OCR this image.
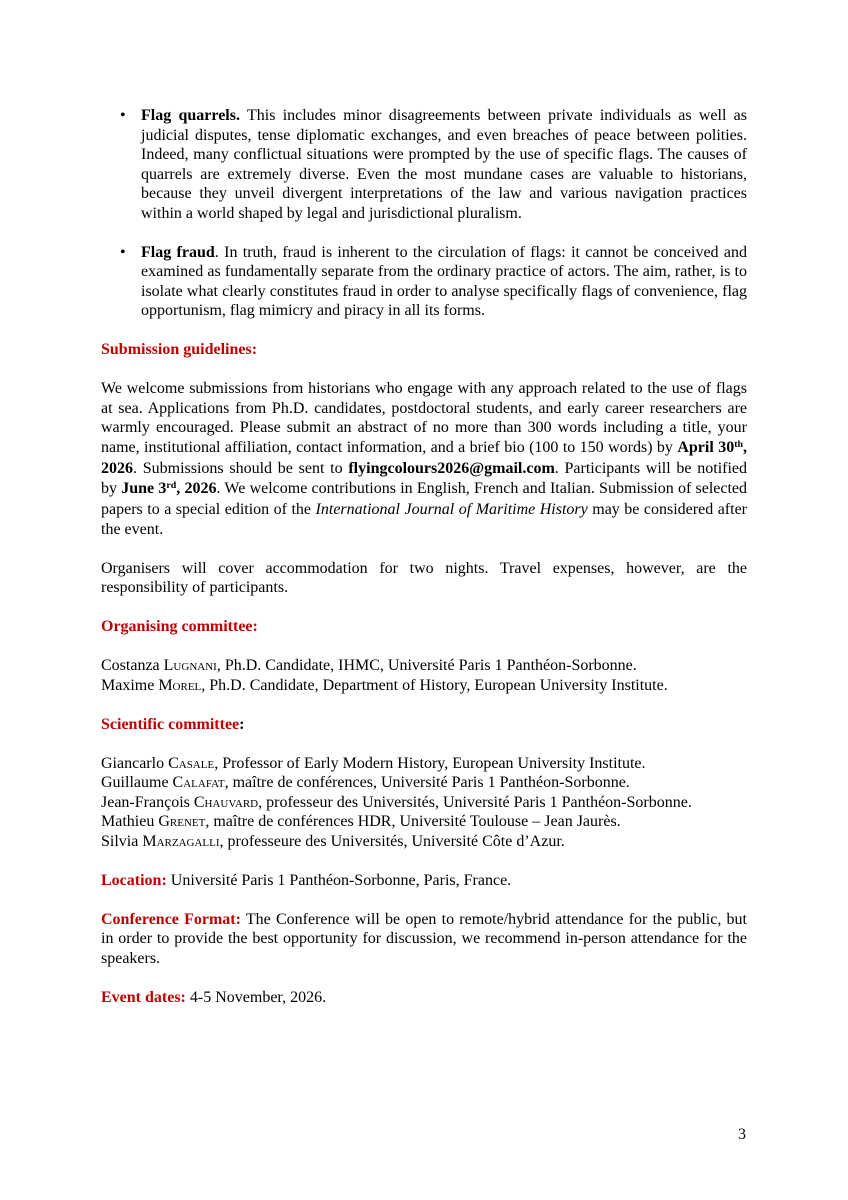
• Flag quarrels. This includes minor disagreements between private individuals as well as judicial disputes, tense diplomatic exchanges, and even breaches of peace between polities. Indeed, many conflictual situations were prompted by the use of specific flags. The causes of quarrels are extremely diverse. Even the most mundane cases are valuable to historians, because they unveil divergent interpretations of the law and various navigation practices within a world shaped by legal and jurisdictional pluralism.
• Flag fraud. In truth, fraud is inherent to the circulation of flags: it cannot be conceived and examined as fundamentally separate from the ordinary practice of actors. The aim, rather, is to isolate what clearly constitutes fraud in order to analyse specifically flags of convenience, flag opportunism, flag mimicry and piracy in all its forms.
Submission guidelines:

We welcome submissions from historians who engage with any approach related to the use of flags at sea. Applications from Ph.D. candidates, postdoctoral students, and early career researchers are warmly encouraged. Please submit an abstract of no more than 300 words including a title, your name, institutional affiliation, contact information, and a brief bio (100 to 150 words) by April 30th, 2026. Submissions should be sent to flyingcolours2026@gmail.com. Participants will be notified by June 3rd, 2026. We welcome contributions in English, French and Italian. Submission of selected papers to a special edition of the International Journal of Maritime History may be considered after the event.

Organisers will cover accommodation for two nights. Travel expenses, however, are the responsibility of participants.

Organising committee:
Costanza Lugnani, Ph.D. Candidate, IHMC, Université Paris 1 Panthéon-Sorbonne.
Maxime Morel, Ph.D. Candidate, Department of History, European University Institute.
Scientific committee:
Giancarlo Casale, Professor of Early Modern History, European University Institute.
Guillaume Calafat, maître de conférences, Université Paris 1 Panthéon-Sorbonne.
Jean-François Chauvard, professeur des Universités, Université Paris 1 Panthéon-Sorbonne.
Mathieu Grenet, maître de conférences HDR, Université Toulouse – Jean Jaurès.
Silvia Marzagalli, professeure des Universités, Université Côte d’Azur.

Location: Université Paris 1 Panthéon-Sorbonne, Paris, France.

Conference Format: The Conference will be open to remote/hybrid attendance for the public, but in order to provide the best opportunity for discussion, we recommend in-person attendance for the speakers.

Event dates: 4-5 November, 2026.

3
